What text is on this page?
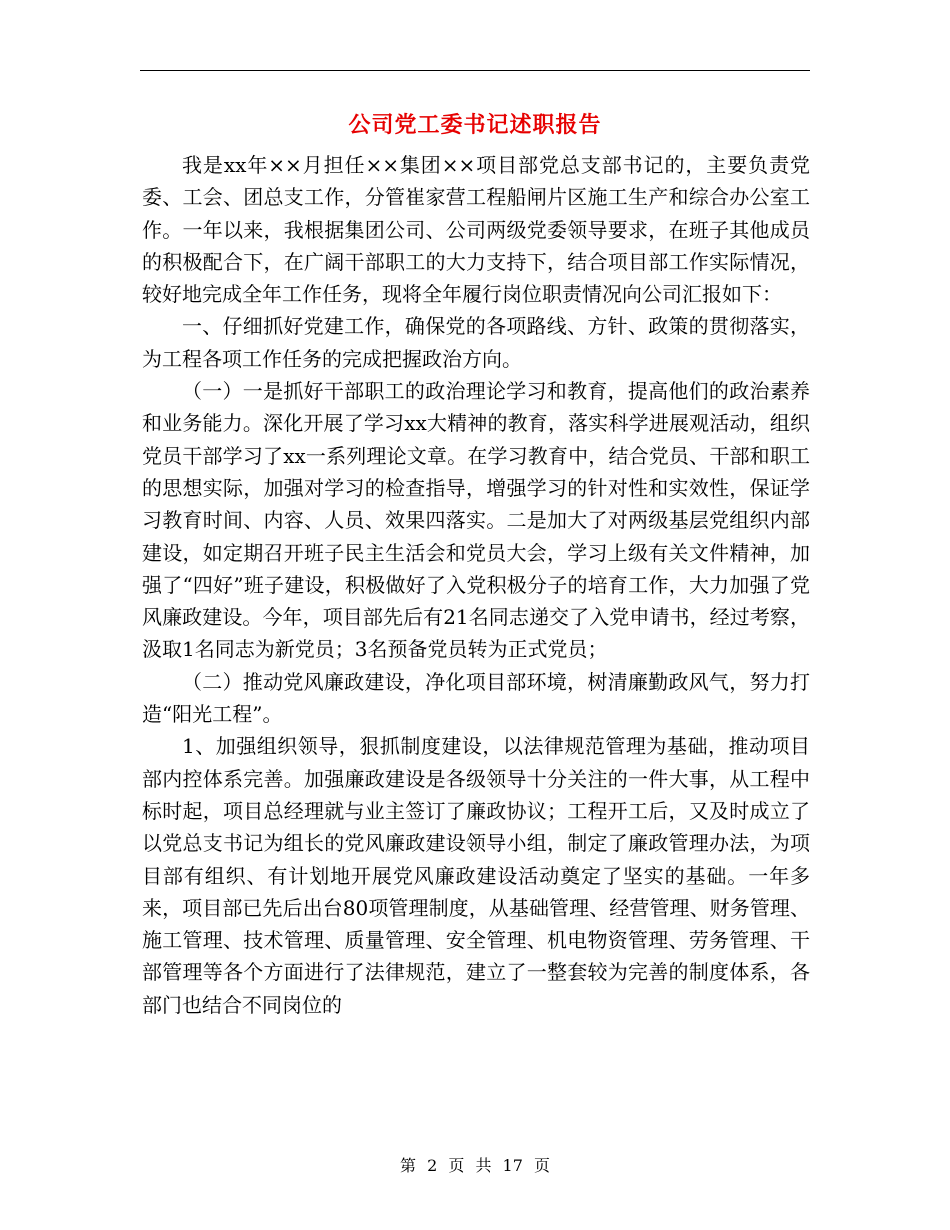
公司党工委书记述职报告

我是xx年××月担任××集团××项目部党总支部书记的，主要负责党委、工会、团总支工作，分管崔家营工程船闸片区施工生产和综合办公室工作。一年以来，我根据集团公司、公司两级党委领导要求，在班子其他成员的积极配合下，在广阔干部职工的大力支持下，结合项目部工作实际情况，较好地完成全年工作任务，现将全年履行岗位职责情况向公司汇报如下：

一、仔细抓好党建工作，确保党的各项路线、方针、政策的贯彻落实，为工程各项工作任务的完成把握政治方向。

（一）一是抓好干部职工的政治理论学习和教育，提高他们的政治素养和业务能力。深化开展了学习xx大精神的教育，落实科学进展观活动，组织党员干部学习了xx一系列理论文章。在学习教育中，结合党员、干部和职工的思想实际，加强对学习的检查指导，增强学习的针对性和实效性，保证学习教育时间、内容、人员、效果四落实。二是加大了对两级基层党组织内部建设，如定期召开班子民主生活会和党员大会，学习上级有关文件精神，加强了“四好”班子建设，积极做好了入党积极分子的培育工作，大力加强了党风廉政建设。今年，项目部先后有21名同志递交了入党申请书，经过考察，汲取1名同志为新党员；3名预备党员转为正式党员；

（二）推动党风廉政建设，净化项目部环境，树清廉勤政风气，努力打造“阳光工程”。

1、加强组织领导，狠抓制度建设，以法律规范管理为基础，推动项目部内控体系完善。加强廉政建设是各级领导十分关注的一件大事，从工程中标时起，项目总经理就与业主签订了廉政协议；工程开工后，又及时成立了以党总支书记为组长的党风廉政建设领导小组，制定了廉政管理办法，为项目部有组织、有计划地开展党风廉政建设活动奠定了坚实的基础。一年多来，项目部已先后出台80项管理制度，从基础管理、经营管理、财务管理、施工管理、技术管理、质量管理、安全管理、机电物资管理、劳务管理、干部管理等各个方面进行了法律规范，建立了一整套较为完善的制度体系，各部门也结合不同岗位的

第 2 页 共 17 页
